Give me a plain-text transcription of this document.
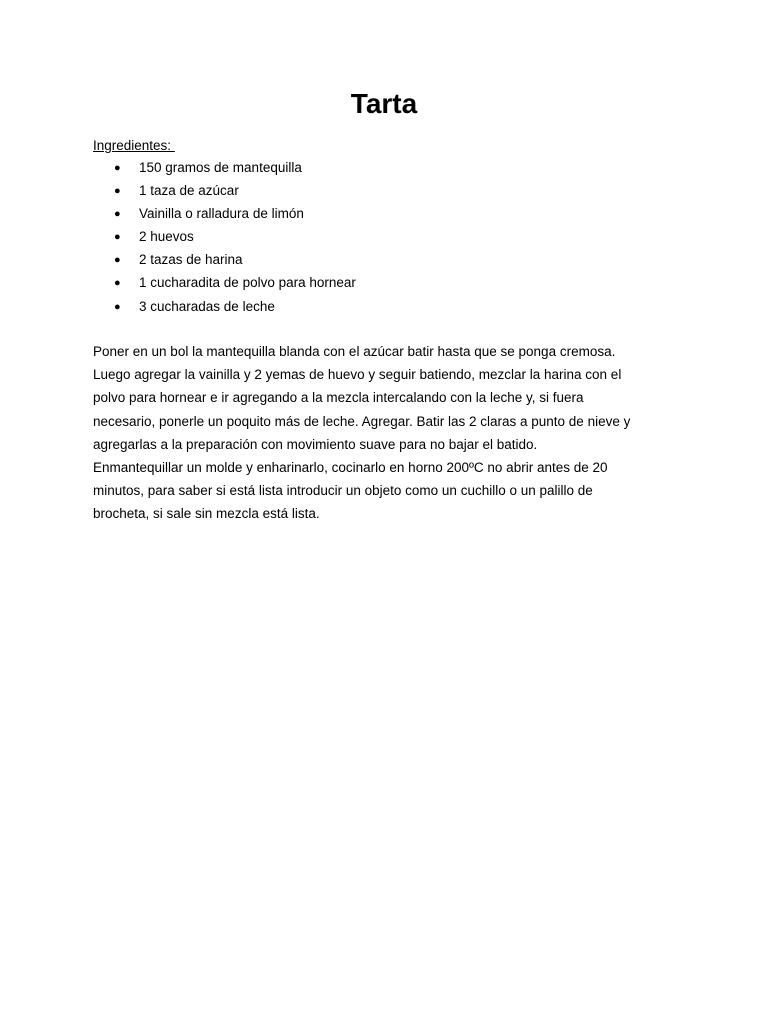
Tarta

Ingredientes:

● 150 gramos de mantequilla
● 1 taza de azúcar
● Vainilla o ralladura de limón
● 2 huevos
● 2 tazas de harina
● 1 cucharadita de polvo para hornear
● 3 cucharadas de leche
Poner en un bol la mantequilla blanda con el azúcar batir hasta que se ponga cremosa.
Luego agregar la vainilla y 2 yemas de huevo y seguir batiendo, mezclar la harina con el
polvo para hornear e ir agregando a la mezcla intercalando con la leche y, si fuera
necesario, ponerle un poquito más de leche. Agregar. Batir las 2 claras a punto de nieve y
agregarlas a la preparación con movimiento suave para no bajar el batido.
Enmantequillar un molde y enharinarlo, cocinarlo en horno 200ºC no abrir antes de 20
minutos, para saber si está lista introducir un objeto como un cuchillo o un palillo de
brocheta, si sale sin mezcla está lista.
